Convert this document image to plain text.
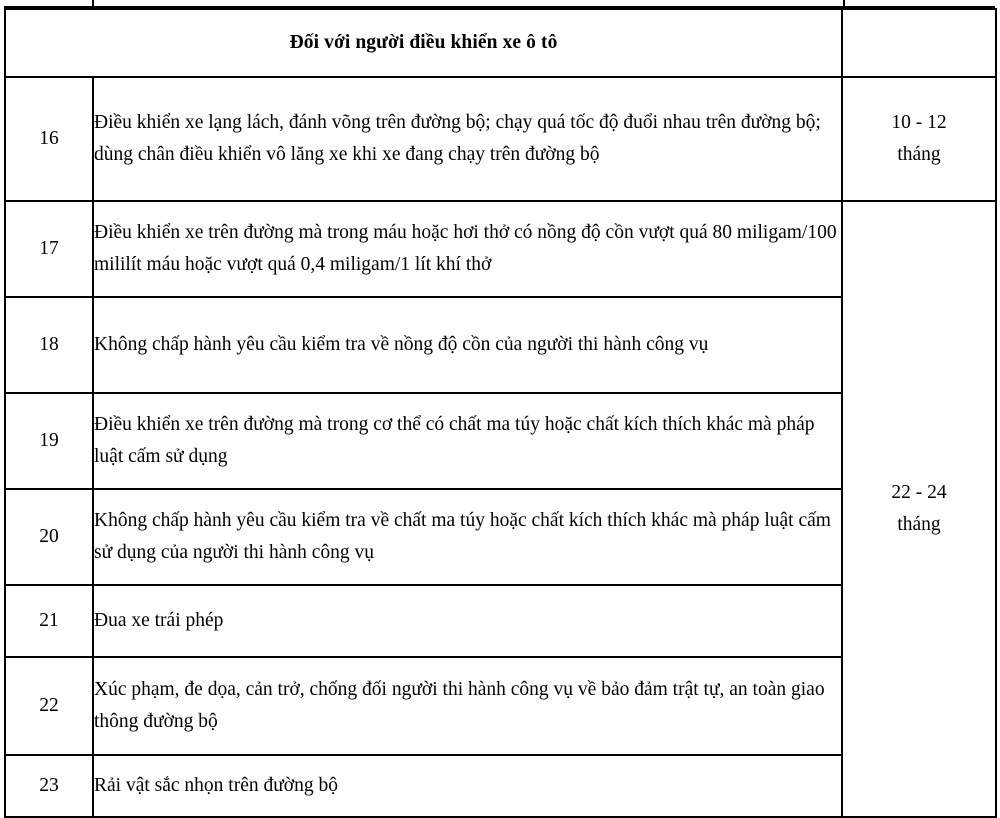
Đối với người điều khiển xe ô tô		
16	Điều khiển xe lạng lách, đánh võng trên đường bộ; chạy quá tốc độ đuổi nhau trên đường bộ; dùng chân điều khiển vô lăng xe khi xe đang chạy trên đường bộ	10 - 12
tháng

17	Điều khiển xe trên đường mà trong máu hoặc hơi thở có nồng độ cồn vượt quá 80 miligam/100 mililít máu hoặc vượt quá 0,4 miligam/1 lít khí thở	22 - 24
tháng

18	Không chấp hành yêu cầu kiểm tra về nồng độ cồn của người thi hành công vụ	
19	Điều khiển xe trên đường mà trong cơ thể có chất ma túy hoặc chất kích thích khác mà pháp luật cấm sử dụng	
20	Không chấp hành yêu cầu kiểm tra về chất ma túy hoặc chất kích thích khác mà pháp luật cấm sử dụng của người thi hành công vụ	
21	Đua xe trái phép	
22	Xúc phạm, đe dọa, cản trở, chống đối người thi hành công vụ về bảo đảm trật tự, an toàn giao thông đường bộ	
23	Rải vật sắc nhọn trên đường bộ	
